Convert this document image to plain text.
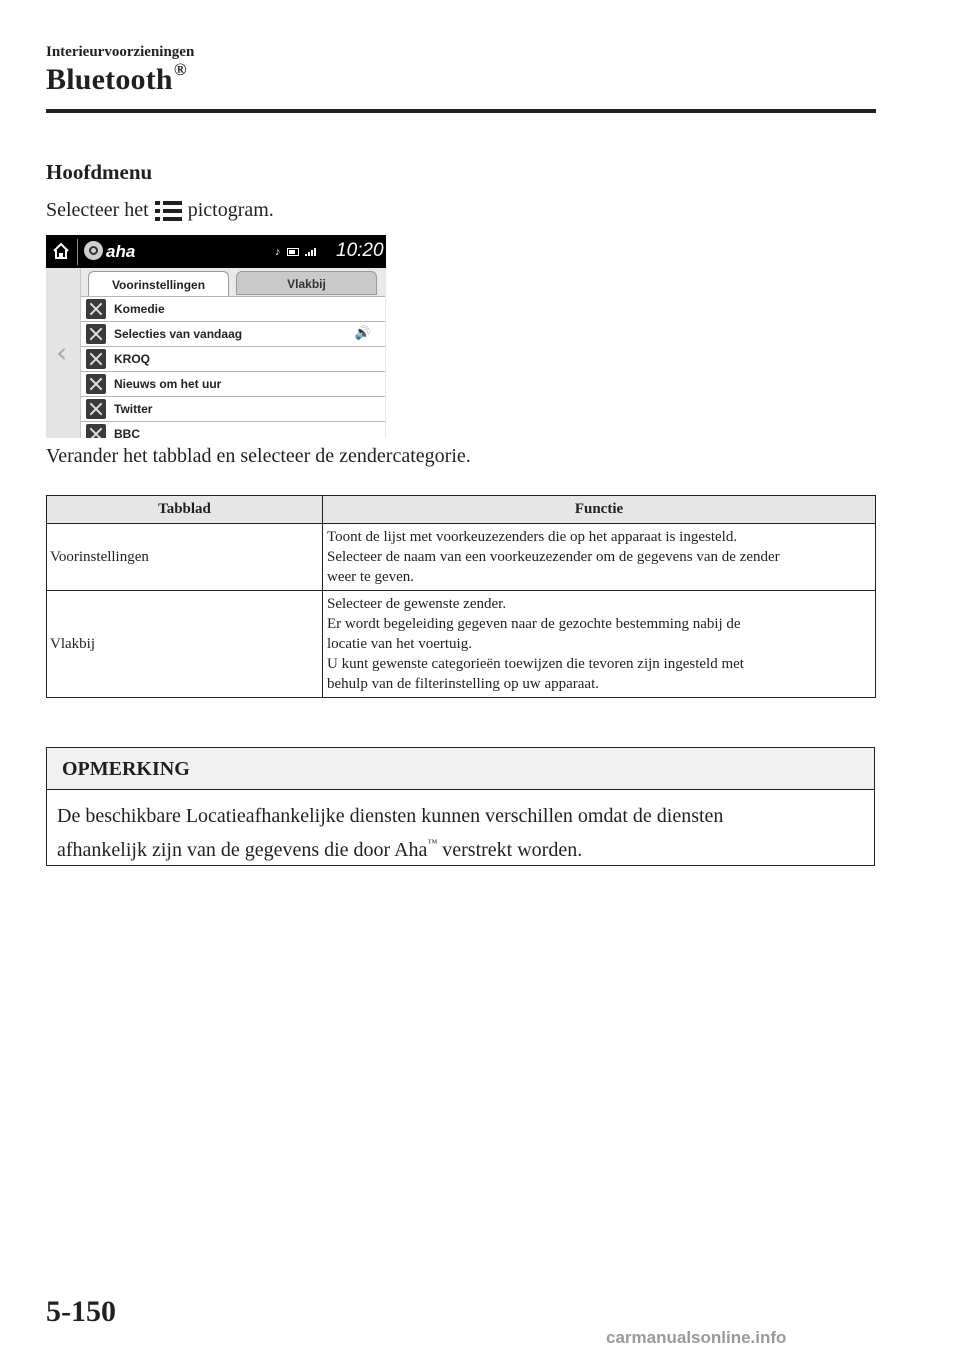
Interieurvoorzieningen
Bluetooth®
Hoofdmenu
Selecteer het pictogram.
aha	♪	10:20
‹
Voorinstellingen	Vlakbij
Komedie
Selecties van vandaag	🔊
KROQ
Nieuws om het uur
Twitter
BBC
Verander het tabblad en selecteer de zendercategorie.
Tabblad	Functie
Voorinstellingen	Toont de lijst met voorkeuzezenders die op het apparaat is ingesteld.
Selecteer de naam van een voorkeuzezender om de gegevens van de zender
weer te geven.

Vlakbij	Selecteer de gewenste zender.
Er wordt begeleiding gegeven naar de gezochte bestemming nabij de
locatie van het voertuig.
U kunt gewenste categorieën toewijzen die tevoren zijn ingesteld met
behulp van de filterinstelling op uw apparaat.
OPMERKING
De beschikbare Locatieafhankelijke diensten kunnen verschillen omdat de diensten
afhankelijk zijn van de gegevens die door Aha™ verstrekt worden.
5-150
carmanualsonline.info
